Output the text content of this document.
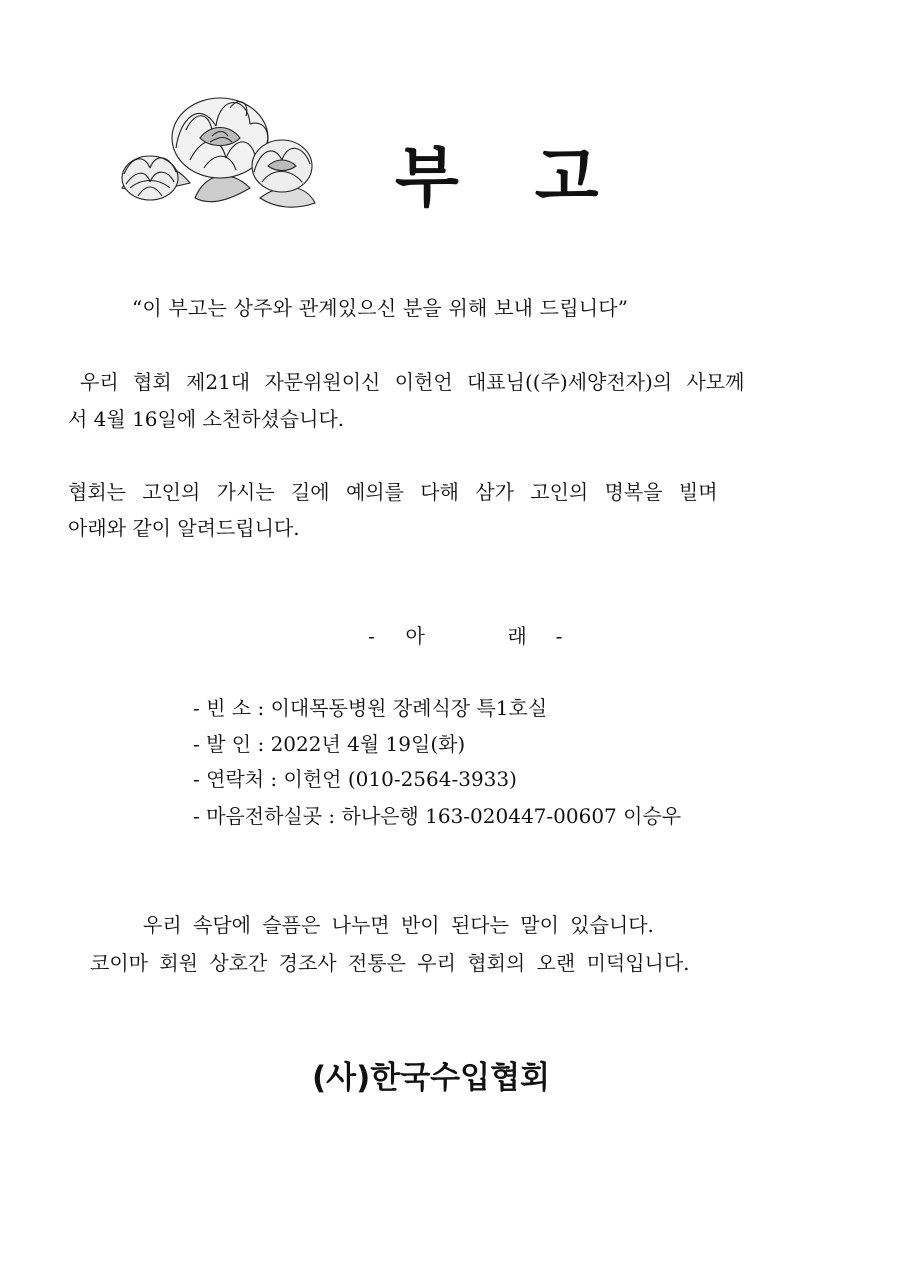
부 고
“이 부고는 상주와 관계있으신 분을 위해 보내 드립니다”
우리 협회 제21대 자문위원이신 이헌언 대표님((주)세양전자)의 사모께
서 4월 16일에 소천하셨습니다.
협회는 고인의 가시는 길에 예의를 다해 삼가 고인의 명복을 빌며
아래와 같이 알려드립니다.
- 아	래 -
- 빈 소 : 이대목동병원 장례식장 특1호실
- 발 인 : 2022년 4월 19일(화)
- 연락처 : 이헌언 (010-2564-3933)
- 마음전하실곳 : 하나은행 163-020447-00607 이승우
우리 속담에 슬픔은 나누면 반이 된다는 말이 있습니다.
코이마 회원 상호간 경조사 전통은 우리 협회의 오랜 미덕입니다.
(사)한국수입협회
